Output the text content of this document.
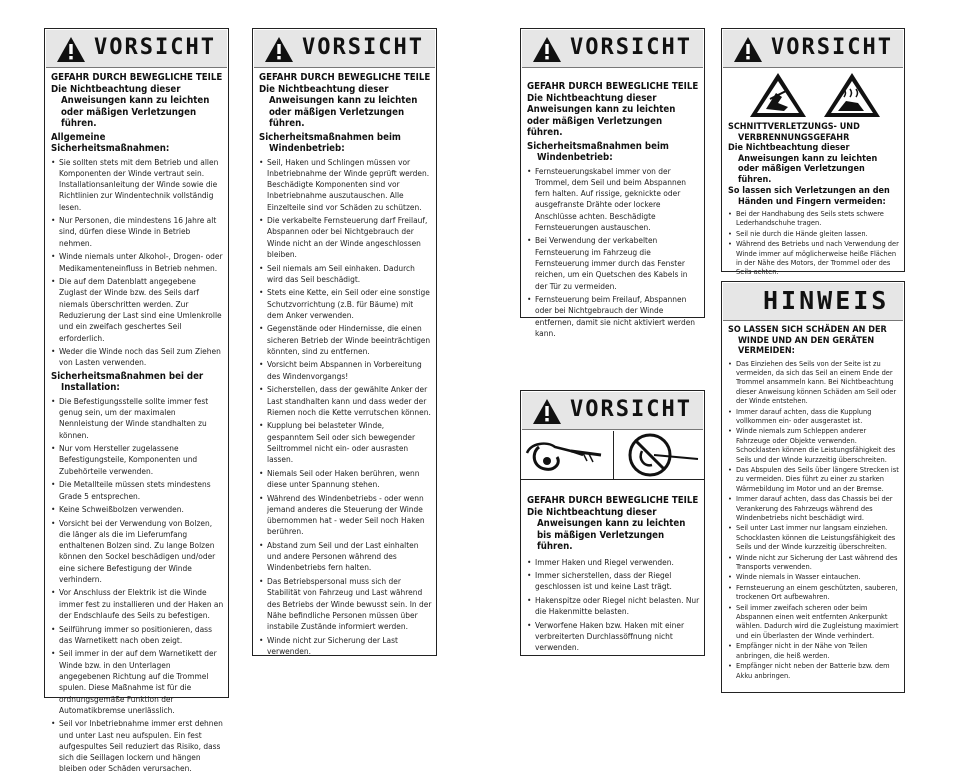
VORSICHT
GEFAHR DURCH BEWEGLICHE TEILE
Die Nichtbeachtung dieser Anweisungen kann zu leichten oder mäßigen Verletzungen führen.
Allgemeine Sicherheitsmaßnahmen:
• Sie sollten stets mit dem Betrieb und allen Komponenten der Winde vertraut sein. Installationsanleitung der Winde sowie die Richtlinien zur Windentechnik vollständig lesen.
• Nur Personen, die mindestens 16 Jahre alt sind, dürfen diese Winde in Betrieb nehmen.
• Winde niemals unter Alkohol-, Drogen- oder Medikamenteneinfluss in Betrieb nehmen.
• Die auf dem Datenblatt angegebene Zuglast der Winde bzw. des Seils darf niemals überschritten werden. Zur Reduzierung der Last sind eine Umlenkrolle und ein zweifach geschertes Seil erforderlich.
• Weder die Winde noch das Seil zum Ziehen von Lasten verwenden.
Sicherheitsmaßnahmen bei der Installation:
• Die Befestigungsstelle sollte immer fest genug sein, um der maximalen Nennleistung der Winde standhalten zu können.
• Nur vom Hersteller zugelassene Befestigungsteile, Komponenten und Zubehörteile verwenden.
• Die Metallteile müssen stets mindestens Grade 5 entsprechen.
• Keine Schweißbolzen verwenden.
• Vorsicht bei der Verwendung von Bolzen, die länger als die im Lieferumfang enthaltenen Bolzen sind. Zu lange Bolzen können den Sockel beschädigen und/oder eine sichere Befestigung der Winde verhindern.
• Vor Anschluss der Elektrik ist die Winde immer fest zu installieren und der Haken an der Endschlaufe des Seils zu befestigen.
• Seilführung immer so positionieren, dass das Warnetikett nach oben zeigt.
• Seil immer in der auf dem Warnetikett der Winde bzw. in den Unterlagen angegebenen Richtung auf die Trommel spulen. Diese Maßnahme ist für die ordnungsgemäße Funktion der Automatikbremse unerlässlich.
• Seil vor Inbetriebnahme immer erst dehnen und unter Last neu aufspulen. Ein fest aufgespultes Seil reduziert das Risiko, dass sich die Seillagen lockern und hängen bleiben oder Schäden verursachen.
VORSICHT
GEFAHR DURCH BEWEGLICHE TEILE
Die Nichtbeachtung dieser Anweisungen kann zu leichten oder mäßigen Verletzungen führen.
Sicherheitsmaßnahmen beim Windenbetrieb:
• Seil, Haken und Schlingen müssen vor Inbetriebnahme der Winde geprüft werden. Beschädigte Komponenten sind vor Inbetriebnahme auszutauschen. Alle Einzelteile sind vor Schäden zu schützen.
• Die verkabelte Fernsteuerung darf Freilauf, Abspannen oder bei Nichtgebrauch der Winde nicht an der Winde angeschlossen bleiben.
• Seil niemals am Seil einhaken. Dadurch wird das Seil beschädigt.
• Stets eine Kette, ein Seil oder eine sonstige Schutzvorrichtung (z.B. für Bäume) mit dem Anker verwenden.
• Gegenstände oder Hindernisse, die einen sicheren Betrieb der Winde beeinträchtigen könnten, sind zu entfernen.
• Vorsicht beim Abspannen in Vorbereitung des Windenvorgangs!
• Sicherstellen, dass der gewählte Anker der Last standhalten kann und dass weder der Riemen noch die Kette verrutschen können.
• Kupplung bei belasteter Winde, gespanntem Seil oder sich bewegender Seiltrommel nicht ein- oder ausrasten lassen.
• Niemals Seil oder Haken berühren, wenn diese unter Spannung stehen.
• Während des Windenbetriebs - oder wenn jemand anderes die Steuerung der Winde übernommen hat - weder Seil noch Haken berühren.
• Abstand zum Seil und der Last einhalten und andere Personen während des Windenbetriebs fern halten.
• Das Betriebspersonal muss sich der Stabilität von Fahrzeug und Last während des Betriebs der Winde bewusst sein. In der Nähe befindliche Personen müssen über instabile Zustände informiert werden.
• Winde nicht zur Sicherung der Last verwenden.
VORSICHT
GEFAHR DURCH BEWEGLICHE TEILE
Die Nichtbeachtung dieser Anweisungen kann zu leichten oder mäßigen Verletzungen führen.
Sicherheitsmaßnahmen beim Windenbetrieb:
• Fernsteuerungskabel immer von der Trommel, dem Seil und beim Abspannen fern halten. Auf rissige, geknickte oder ausgefranste Drähte oder lockere Anschlüsse achten. Beschädigte Fernsteuerungen austauschen.
• Bei Verwendung der verkabelten Fernsteuerung im Fahrzeug die Fernsteuerung immer durch das Fenster reichen, um ein Quetschen des Kabels in der Tür zu vermeiden.
• Fernsteuerung beim Freilauf, Abspannen oder bei Nichtgebrauch der Winde entfernen, damit sie nicht aktiviert werden kann.
VORSICHT
GEFAHR DURCH BEWEGLICHE TEILE
Die Nichtbeachtung dieser Anweisungen kann zu leichten bis mäßigen Verletzungen führen.
• Immer Haken und Riegel verwenden.
• Immer sicherstellen, dass der Riegel geschlossen ist und keine Last trägt.
• Hakenspitze oder Riegel nicht belasten. Nur die Hakenmitte belasten.
• Verworfene Haken bzw. Haken mit einer verbreiterten Durchlassöffnung nicht verwenden.
VORSICHT
SCHNITTVERLETZUNGS- UND VERBRENNUNGSGEFAHR
Die Nichtbeachtung dieser Anweisungen kann zu leichten oder mäßigen Verletzungen führen.
So lassen sich Verletzungen an den Händen und Fingern vermeiden:
• Bei der Handhabung des Seils stets schwere Lederhandschuhe tragen.
• Seil nie durch die Hände gleiten lassen.
• Während des Betriebs und nach Verwendung der Winde immer auf möglicherweise heiße Flächen in der Nähe des Motors, der Trommel oder des Seils achten.
HINWEIS
SO LASSEN SICH SCHÄDEN AN DER WINDE UND AN DEN GERÄTEN VERMEIDEN:
• Das Einziehen des Seils von der Seite ist zu vermeiden, da sich das Seil an einem Ende der Trommel ansammeln kann. Bei Nichtbeachtung dieser Anweisung können Schäden am Seil oder der Winde entstehen.
• Immer darauf achten, dass die Kupplung vollkommen ein- oder ausgerastet ist.
• Winde niemals zum Schleppen anderer Fahrzeuge oder Objekte verwenden. Schocklasten können die Leistungsfähigkeit des Seils und der Winde kurzzeitig überschreiten.
• Das Abspulen des Seils über längere Strecken ist zu vermeiden. Dies führt zu einer zu starken Wärmebildung im Motor und an der Bremse.
• Immer darauf achten, dass das Chassis bei der Verankerung des Fahrzeugs während des Windenbetriebs nicht beschädigt wird.
• Seil unter Last immer nur langsam einziehen. Schocklasten können die Leistungsfähigkeit des Seils und der Winde kurzzeitig überschreiten.
• Winde nicht zur Sicherung der Last während des Transports verwenden.
• Winde niemals in Wasser eintauchen.
• Fernsteuerung an einem geschützten, sauberen, trockenen Ort aufbewahren.
• Seil immer zweifach scheren oder beim Abspannen einen weit entfernten Ankerpunkt wählen. Dadurch wird die Zugleistung maximiert und ein Überlasten der Winde verhindert.
• Empfänger nicht in der Nähe von Teilen anbringen, die heiß werden.
• Empfänger nicht neben der Batterie bzw. dem Akku anbringen.
